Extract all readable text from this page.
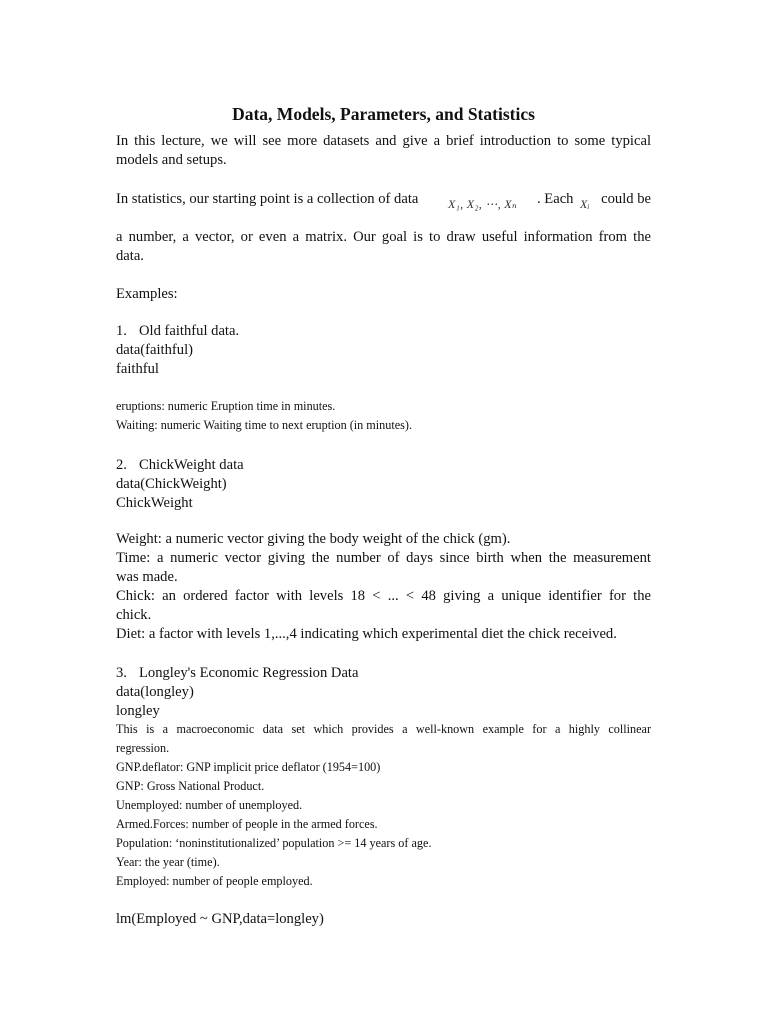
Data, Models, Parameters, and Statistics
In this lecture, we will see more datasets and give a brief introduction to some typical
models and setups.
In statistics, our starting point is a collection of data X₁, X₂, ⋯, Xₙ . Each Xᵢ could be
a number, a vector, or even a matrix. Our goal is to draw useful information from the
data.
Examples:
1. Old faithful data.
data(faithful)
faithful
eruptions: numeric Eruption time in minutes.
Waiting: numeric Waiting time to next eruption (in minutes).
2. ChickWeight data
data(ChickWeight)
ChickWeight
Weight: a numeric vector giving the body weight of the chick (gm).
Time: a numeric vector giving the number of days since birth when the measurement
was made.
Chick: an ordered factor with levels 18 < ... < 48 giving a unique identifier for the
chick.
Diet: a factor with levels 1,...,4 indicating which experimental diet the chick received.
3. Longley's Economic Regression Data
data(longley)
longley
This is a macroeconomic data set which provides a well-known example for a highly collinear
regression.
GNP.deflator: GNP implicit price deflator (1954=100)
GNP: Gross National Product.
Unemployed: number of unemployed.
Armed.Forces: number of people in the armed forces.
Population: ‘noninstitutionalized’ population >= 14 years of age.
Year: the year (time).
Employed: number of people employed.
lm(Employed ~ GNP,data=longley)
